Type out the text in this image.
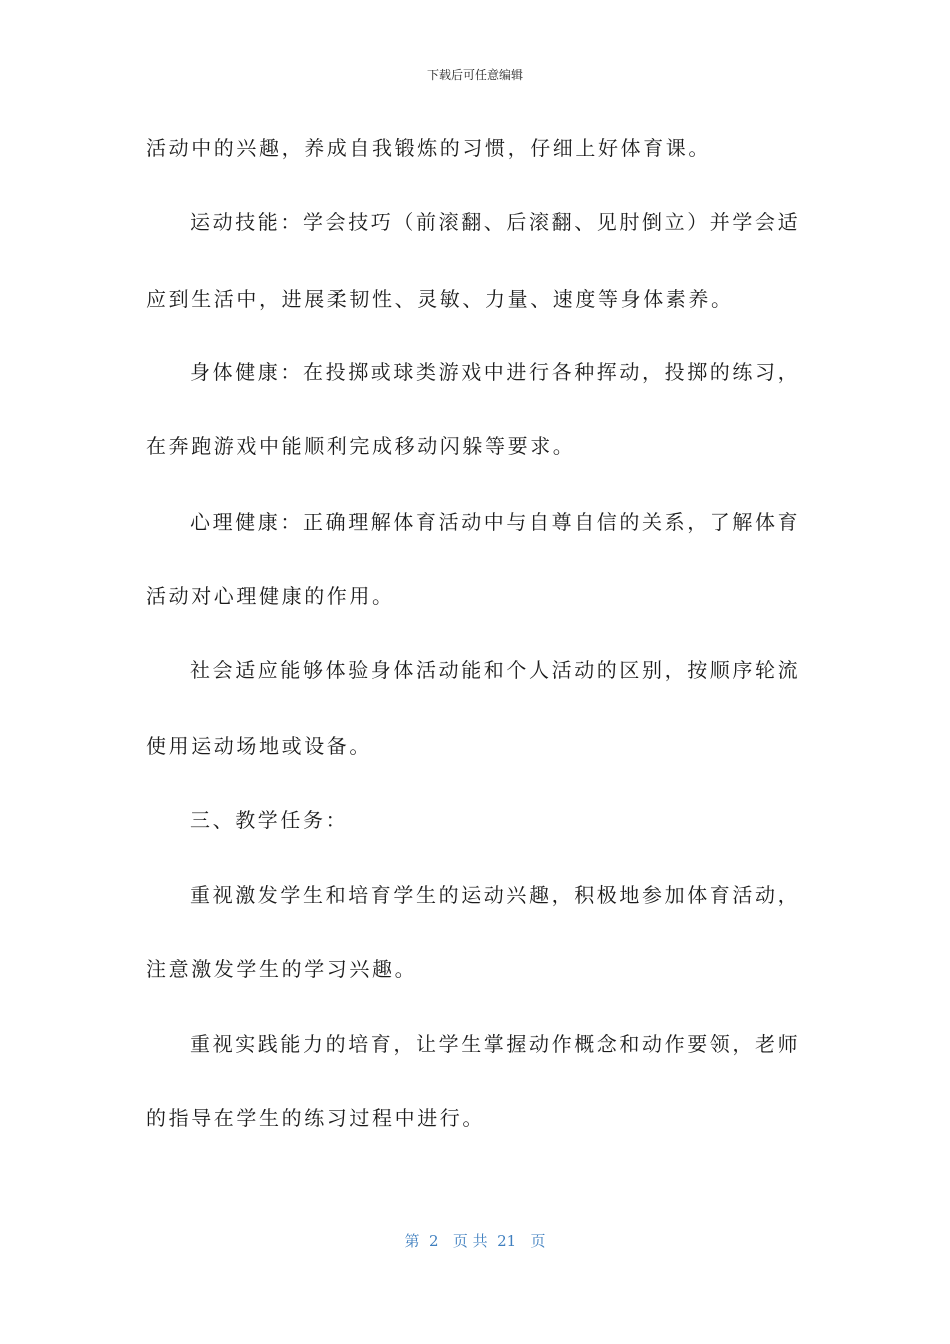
下载后可任意编辑
活动中的兴趣，养成自我锻炼的习惯，仔细上好体育课。
运动技能：学会技巧（前滚翻、后滚翻、见肘倒立）并学会适
应到生活中，进展柔韧性、灵敏、力量、速度等身体素养。
身体健康：在投掷或球类游戏中进行各种挥动，投掷的练习，
在奔跑游戏中能顺利完成移动闪躲等要求。
心理健康：正确理解体育活动中与自尊自信的关系，了解体育
活动对心理健康的作用。
社会适应能够体验身体活动能和个人活动的区别，按顺序轮流
使用运动场地或设备。
三、教学任务：
重视激发学生和培育学生的运动兴趣，积极地参加体育活动，
注意激发学生的学习兴趣。
重视实践能力的培育，让学生掌握动作概念和动作要领，老师
的指导在学生的练习过程中进行。
第  2   页 共  21   页
